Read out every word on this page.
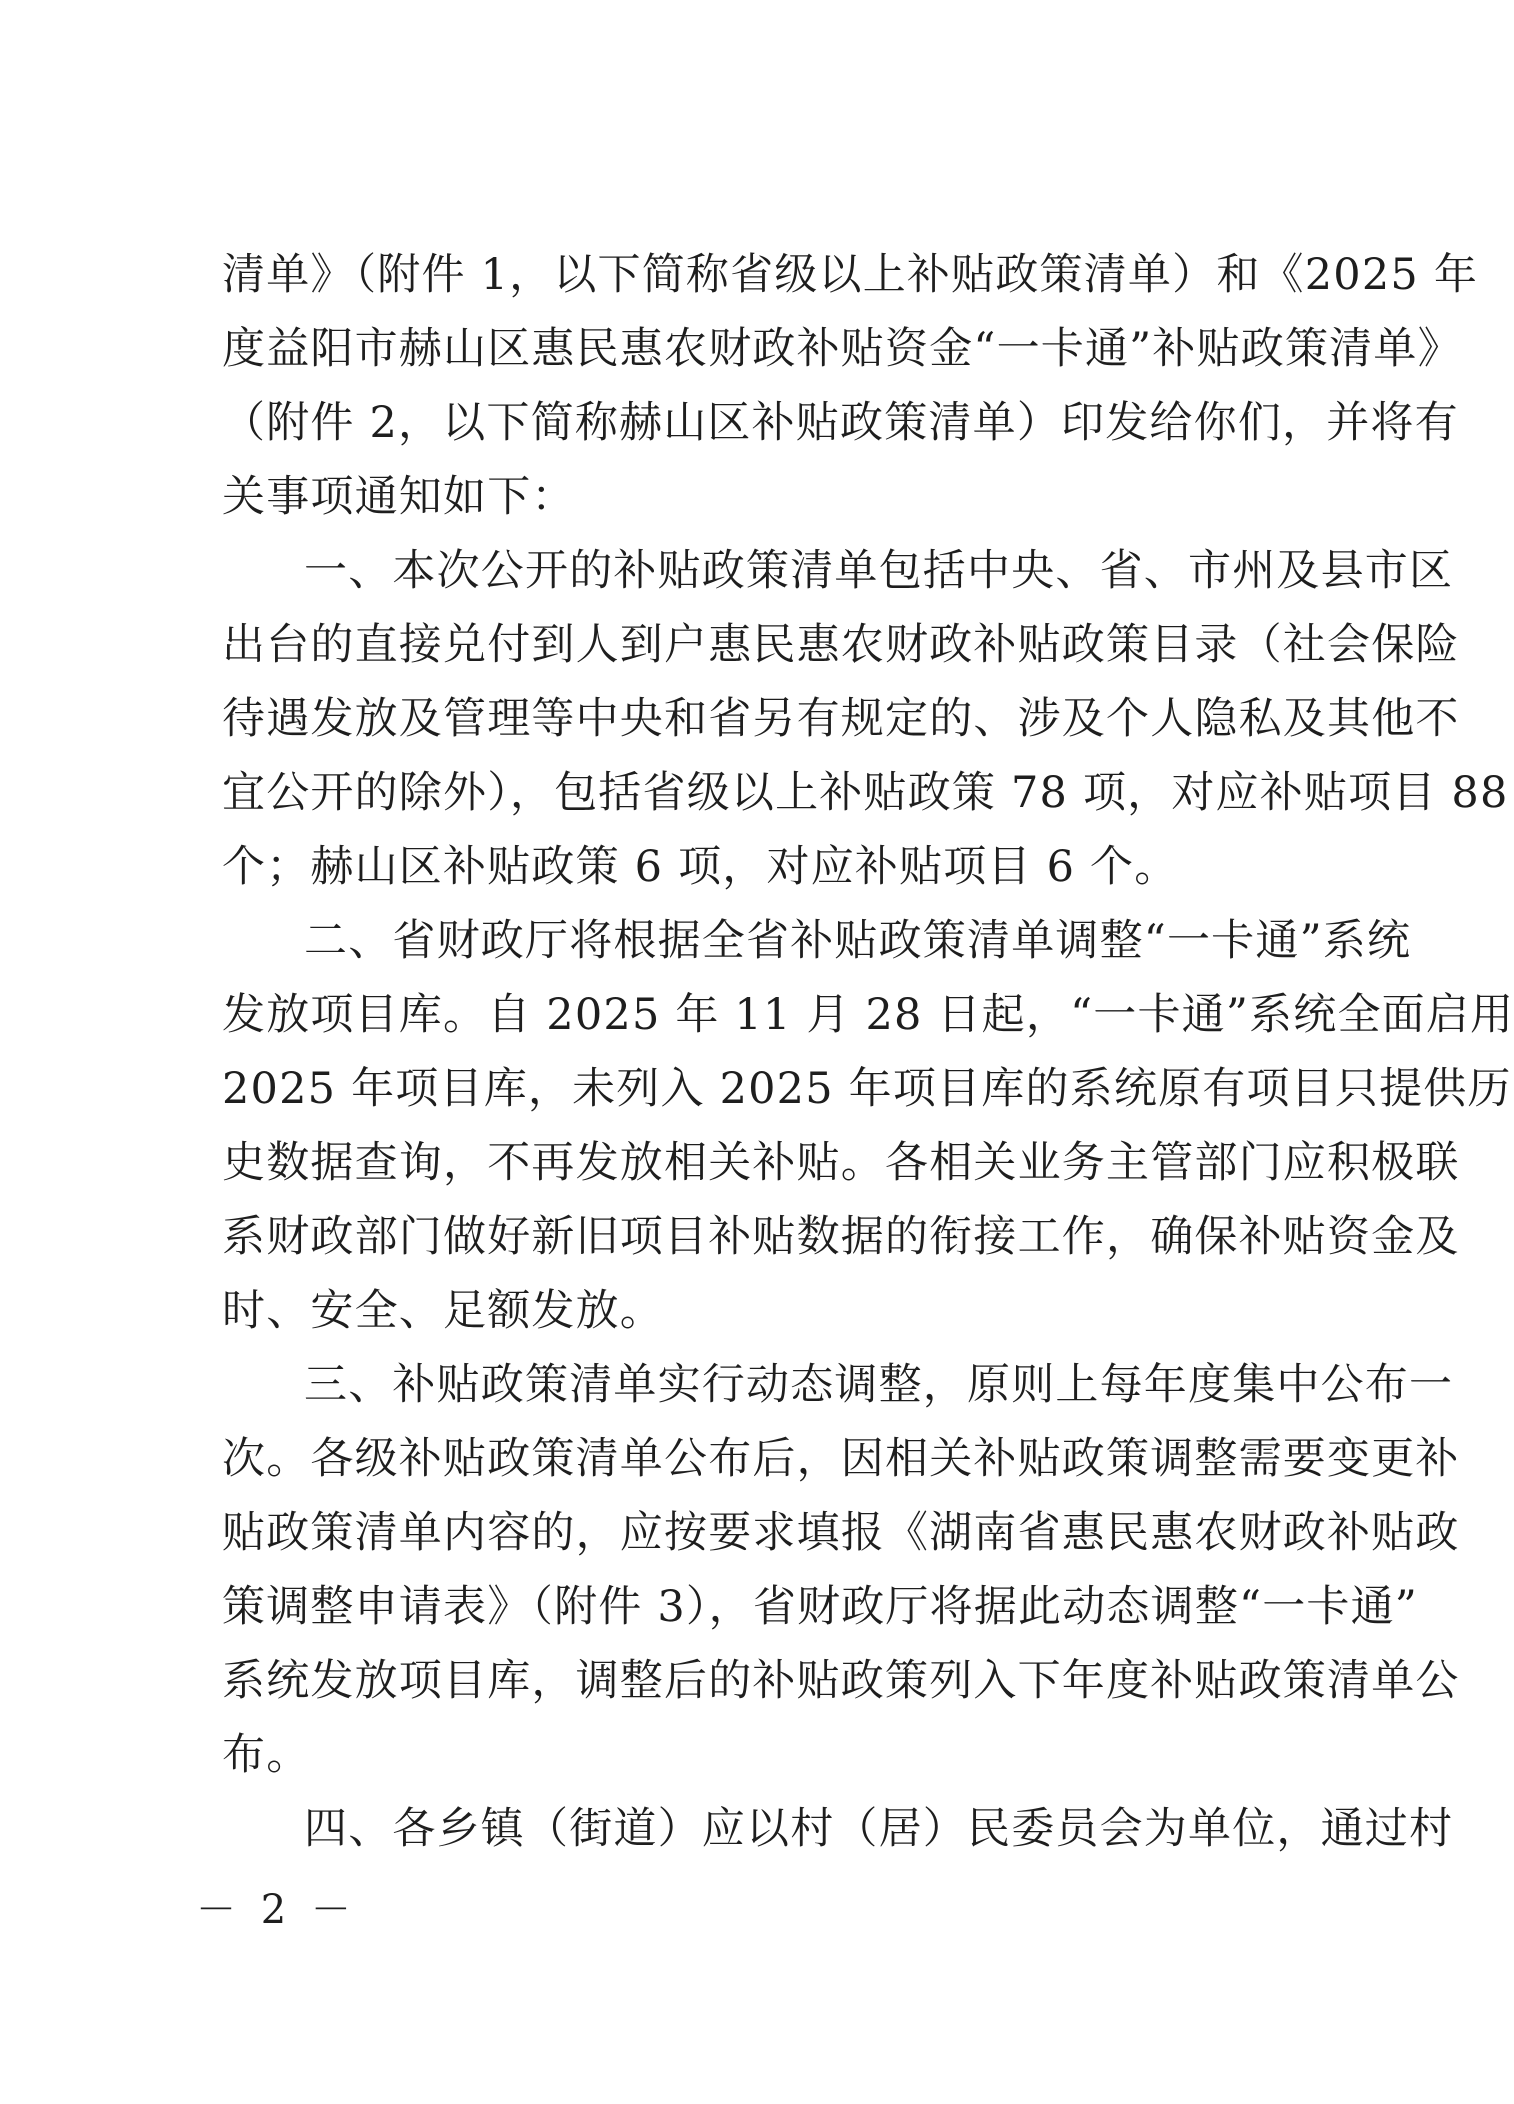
清单》（附件 1，以下简称省级以上补贴政策清单）和《2025 年
度益阳市赫山区惠民惠农财政补贴资金“一卡通”补贴政策清单》
（附件 2，以下简称赫山区补贴政策清单）印发给你们，并将有
关事项通知如下：
一、本次公开的补贴政策清单包括中央、省、市州及县市区
出台的直接兑付到人到户惠民惠农财政补贴政策目录（社会保险
待遇发放及管理等中央和省另有规定的、涉及个人隐私及其他不
宜公开的除外），包括省级以上补贴政策 78 项，对应补贴项目 88
个；赫山区补贴政策 6 项，对应补贴项目 6 个。
二、省财政厅将根据全省补贴政策清单调整“一卡通”系统
发放项目库。自 2025 年 11 月 28 日起，“一卡通”系统全面启用
2025 年项目库，未列入 2025 年项目库的系统原有项目只提供历
史数据查询，不再发放相关补贴。各相关业务主管部门应积极联
系财政部门做好新旧项目补贴数据的衔接工作，确保补贴资金及
时、安全、足额发放。
三、补贴政策清单实行动态调整，原则上每年度集中公布一
次。各级补贴政策清单公布后，因相关补贴政策调整需要变更补
贴政策清单内容的，应按要求填报《湖南省惠民惠农财政补贴政
策调整申请表》（附件 3），省财政厅将据此动态调整“一卡通”
系统发放项目库，调整后的补贴政策列入下年度补贴政策清单公
布。
四、各乡镇（街道）应以村（居）民委员会为单位，通过村
－ 2 －
